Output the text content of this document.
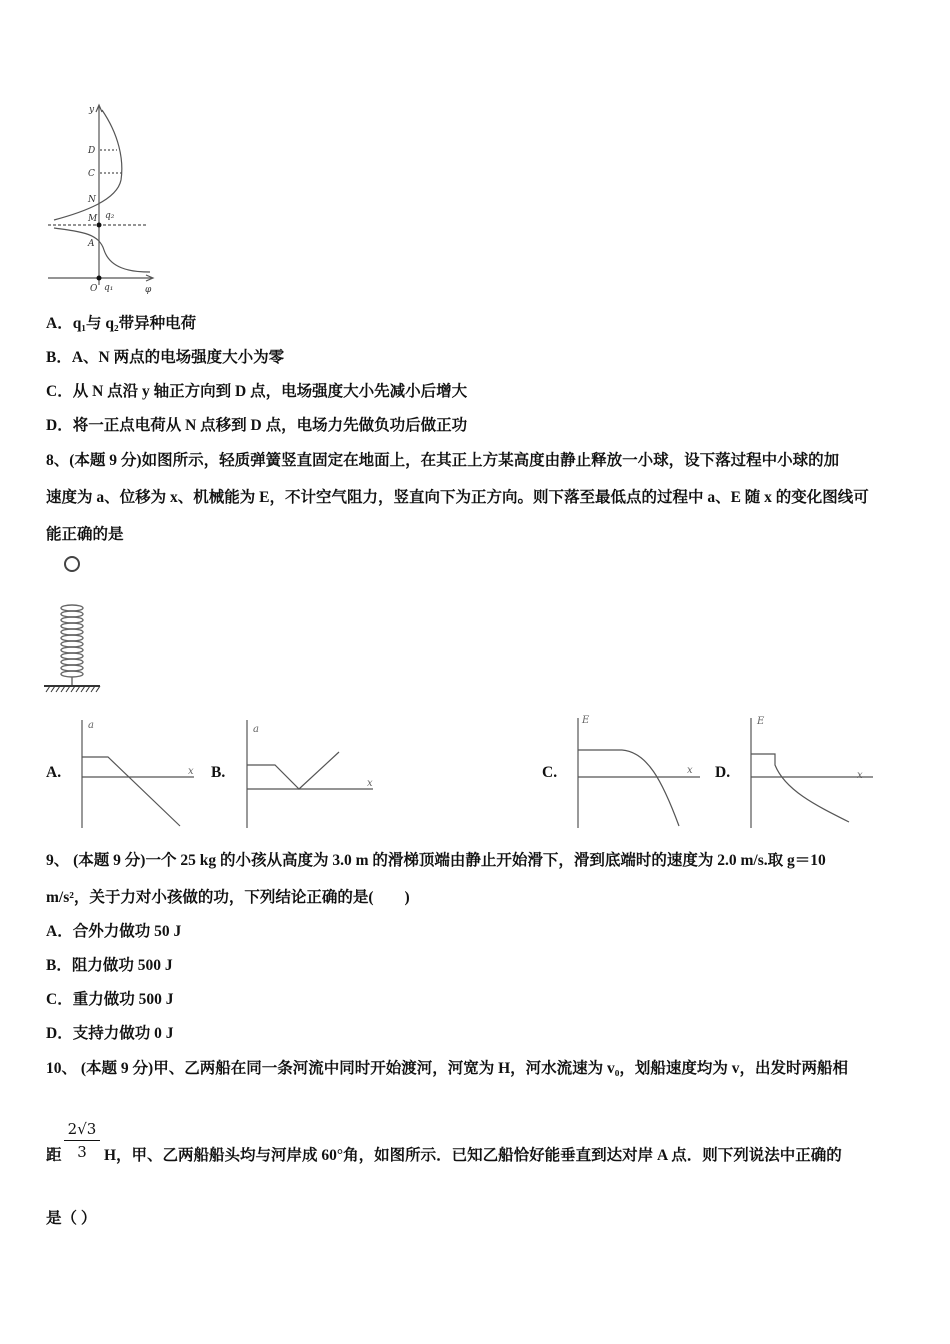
y
D
C
N
M q₂
A
O q₁	φ
A．q₁与 q₂带异种电荷
B．A、N 两点的电场强度大小为零
C．从 N 点沿 y 轴正方向到 D 点，电场强度大小先减小后增大
D．将一正点电荷从 N 点移到 D 点，电场力先做负功后做正功
8、(本题 9 分)如图所示，轻质弹簧竖直固定在地面上，在其正上方某高度由静止释放一小球，设下落过程中小球的加
速度为 a、位移为 x、机械能为 E，不计空气阻力，竖直向下为正方向。则下落至最低点的过程中 a、E 随 x 的变化图线可
能正确的是
A.
a
x B.
a
x
C.
E
x D.
E
x
9、 (本题 9 分)一个 25 kg 的小孩从高度为 3.0 m 的滑梯顶端由静止开始滑下，滑到底端时的速度为 2.0 m/s.取 g＝10
m/s²，关于力对小孩做的功，下列结论正确的是(　　)
A．合外力做功 50 J
B．阻力做功 500 J
C．重力做功 500 J
D．支持力做功 0 J
10、 (本题 9 分)甲、乙两船在同一条河流中同时开始渡河，河宽为 H，河水流速为 v₀，划船速度均为 v，出发时两船相
距 $\frac{2√3}{3}$ H，甲、乙两船船头均与河岸成 60°角，如图所示．已知乙船恰好能垂直到达对岸 A 点．则下列说法中正确的
是（ ）
